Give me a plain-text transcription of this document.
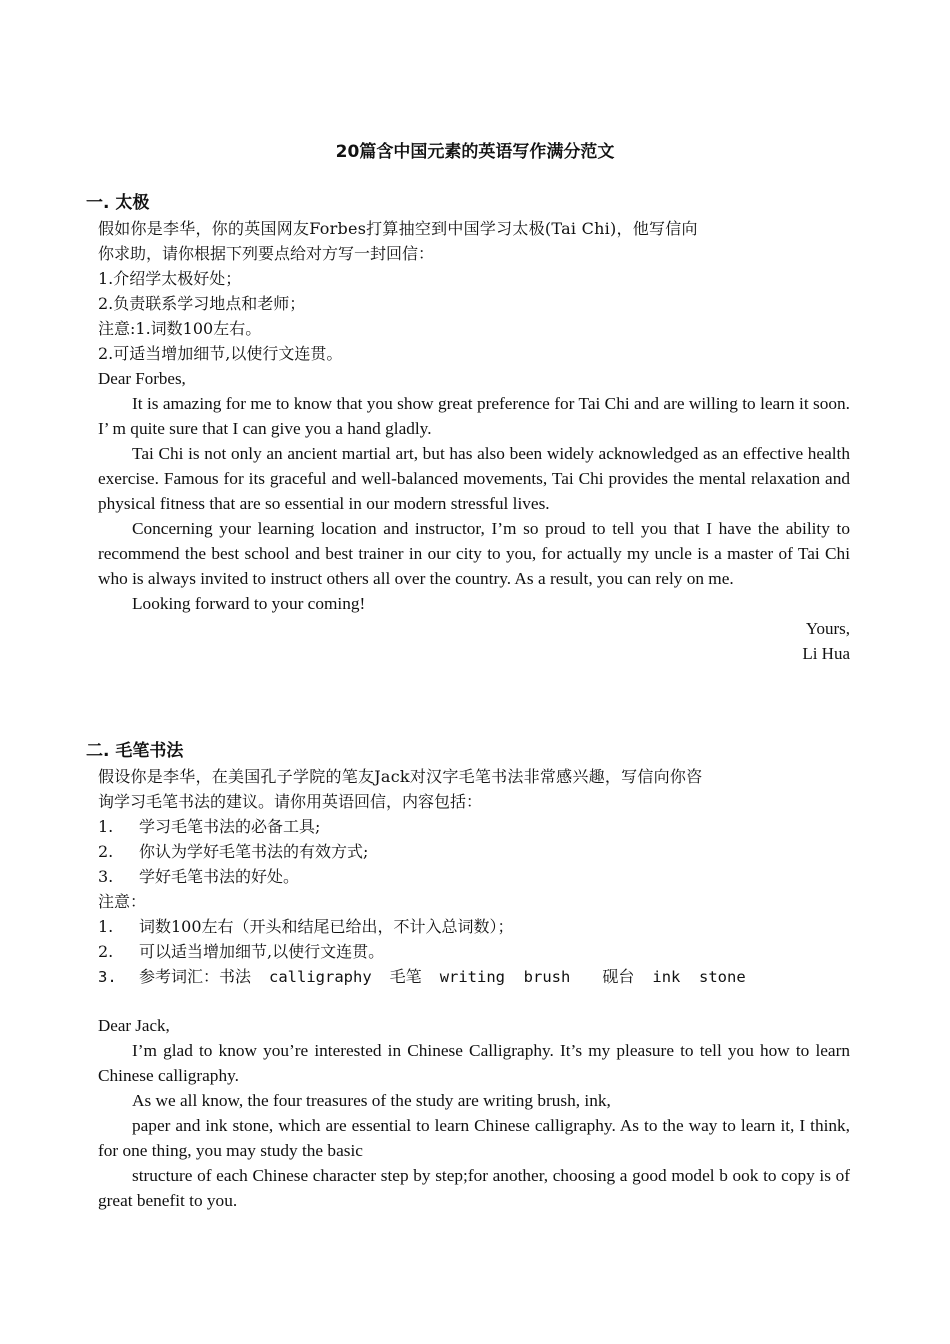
20篇含中国元素的英语写作满分范文
一. 太极
假如你是李华，你的英国网友Forbes打算抽空到中国学习太极(Tai Chi)，他写信向
你求助，请你根据下列要点给对方写一封回信：
1.介绍学太极好处；
2.负责联系学习地点和老师；
注意:1.词数100左右。
2.可适当增加细节,以使行文连贯。
Dear Forbes,
It is amazing for me to know that you show great preference for Tai Chi and are willing to learn it soon. I’ m quite sure that I can give you a hand gladly.
Tai Chi is not only an ancient martial art, but has also been widely acknowledged as an effective health exercise. Famous for its graceful and well-balanced movements, Tai Chi provides the mental relaxation and physical fitness that are so essential in our modern stressful lives.
Concerning your learning location and instructor, I’m so proud to tell you that I have the ability to recommend the best school and best trainer in our city to you, for actually my uncle is a master of Tai Chi who is always invited to instruct others all over the country. As a result, you can rely on me.
Looking forward to your coming!
Yours,
Li Hua
二. 毛笔书法
假设你是李华，在美国孔子学院的笔友Jack对汉字毛笔书法非常感兴趣，写信向你咨
询学习毛笔书法的建议。请你用英语回信，内容包括：
1. 学习毛笔书法的必备工具;
2. 你认为学好毛笔书法的有效方式;
3. 学好毛笔书法的好处。
注意：
1. 词数100左右（开头和结尾已给出，不计入总词数）；
2. 可以适当增加细节,以使行文连贯。
3. 参考词汇：书法 calligraphy 毛笔 writing  brush 砚台 ink  stone
Dear Jack,
I’m glad to know you’re interested in Chinese Calligraphy. It’s my pleasure to tell you how to learn Chinese calligraphy.
As we all know, the four treasures of the study are writing brush, ink,
paper and ink stone, which are essential to learn Chinese calligraphy. As to the way to learn it, I think, for one thing, you may study the basic
structure of each Chinese character step by step;for another, choosing a good model b ook to copy is of great benefit to you.
